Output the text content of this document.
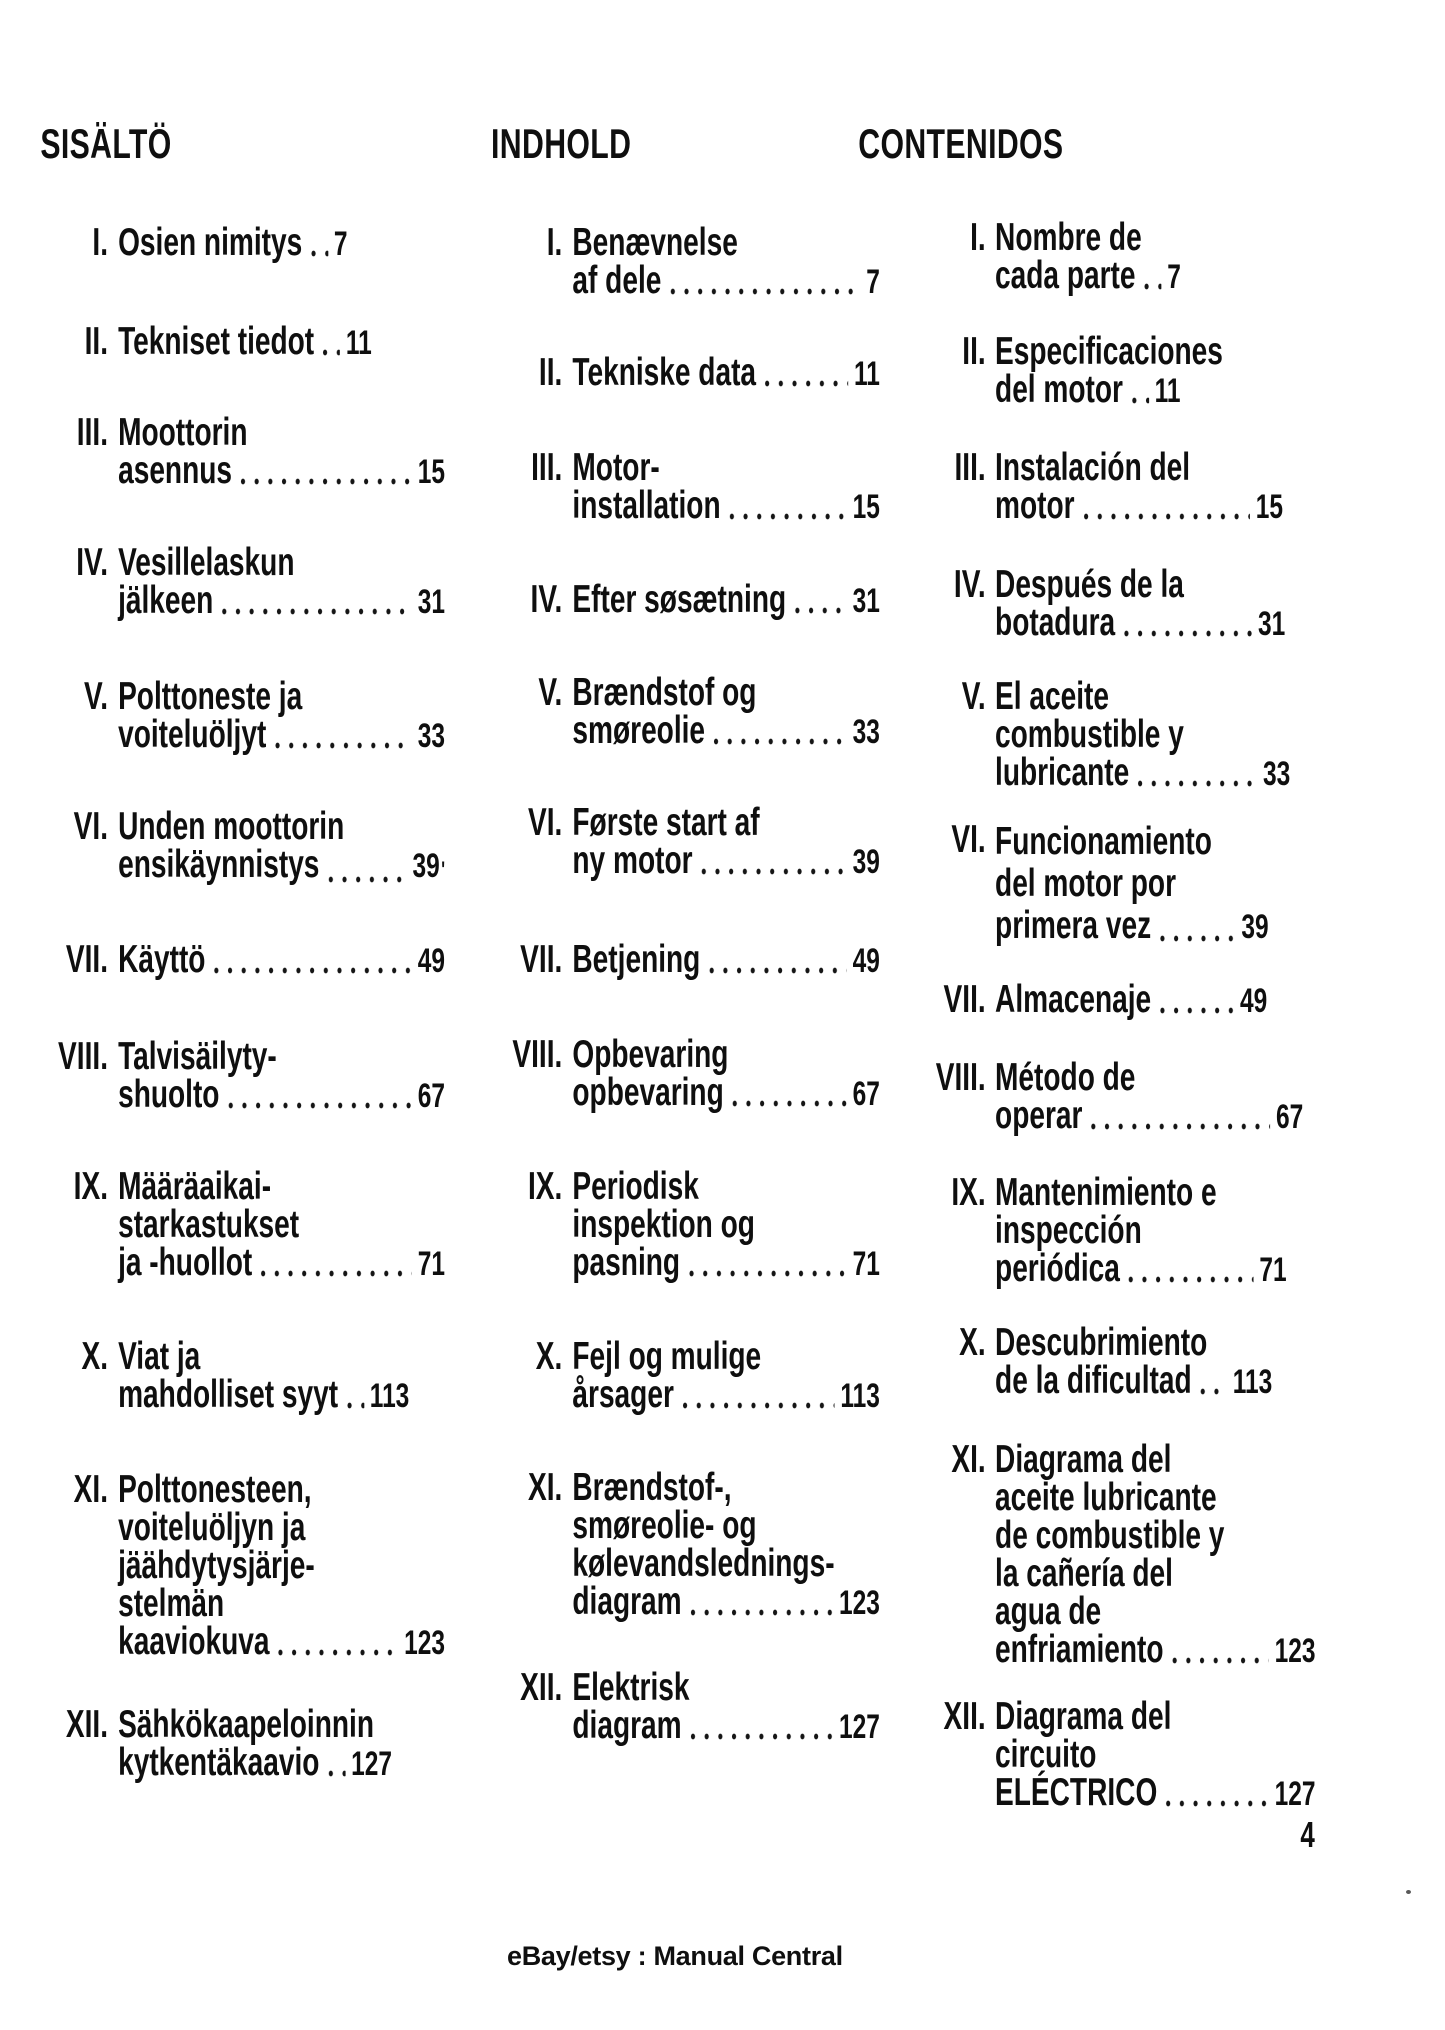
SISÄLTÖ	INDHOLD	CONTENIDOS
I. Osien nimitys 7
II. Tekniset tiedot 11
III. Moottorin
asennus	15
IV. Vesillelaskun
jälkeen	31
V. Polttoneste ja
voiteluöljyt	33
VI. Unden moottorin
ensikäynnistys	39 '
VII. Käyttö	49
VIII. Talvisäilyty-
shuolto	67
IX. Määräaikai-
starkastukset
ja -huollot	71
X. Viat ja
mahdolliset syyt 113
XI. Polttonesteen,
voiteluöljyn ja
jäähdytysjärje-
stelmän
kaaviokuva	123
XII. Sähkökaapeloinnin
kytkentäkaavio 127
I. Benævnelse
af dele	7
II. Tekniske data	11
III. Motor-
installation	15
IV. Efter søsætning 31
V. Brændstof og
smøreolie	33
VI. Første start af
ny motor	39
VII. Betjening	49
VIII. Opbevaring
opbevaring	67
IX. Periodisk
inspektion og
pasning	71
X. Fejl og mulige
årsager	113
XI. Brændstof-,
smøreolie- og
kølevandslednings-
diagram	123
XII. Elektrisk
diagram	127
I. Nombre de
cada parte 7
II. Especificaciones
del motor 11
III. Instalación del
motor	15
IV. Después de la
botadura	31
V. El aceite
combustible y
lubricante	33
VI. Funcionamiento
del motor por
primera vez	39
VII. Almacenaje	49
VIII. Método de
operar	67
IX. Mantenimiento e
inspección
periódica	71
X. Descubrimiento
de la dificultad 113
XI. Diagrama del
aceite lubricante
de combustible y
la cañería del
agua de
enfriamiento	123
XII. Diagrama del
circuito
ELÉCTRICO	127
4
eBay/etsy : Manual Central
